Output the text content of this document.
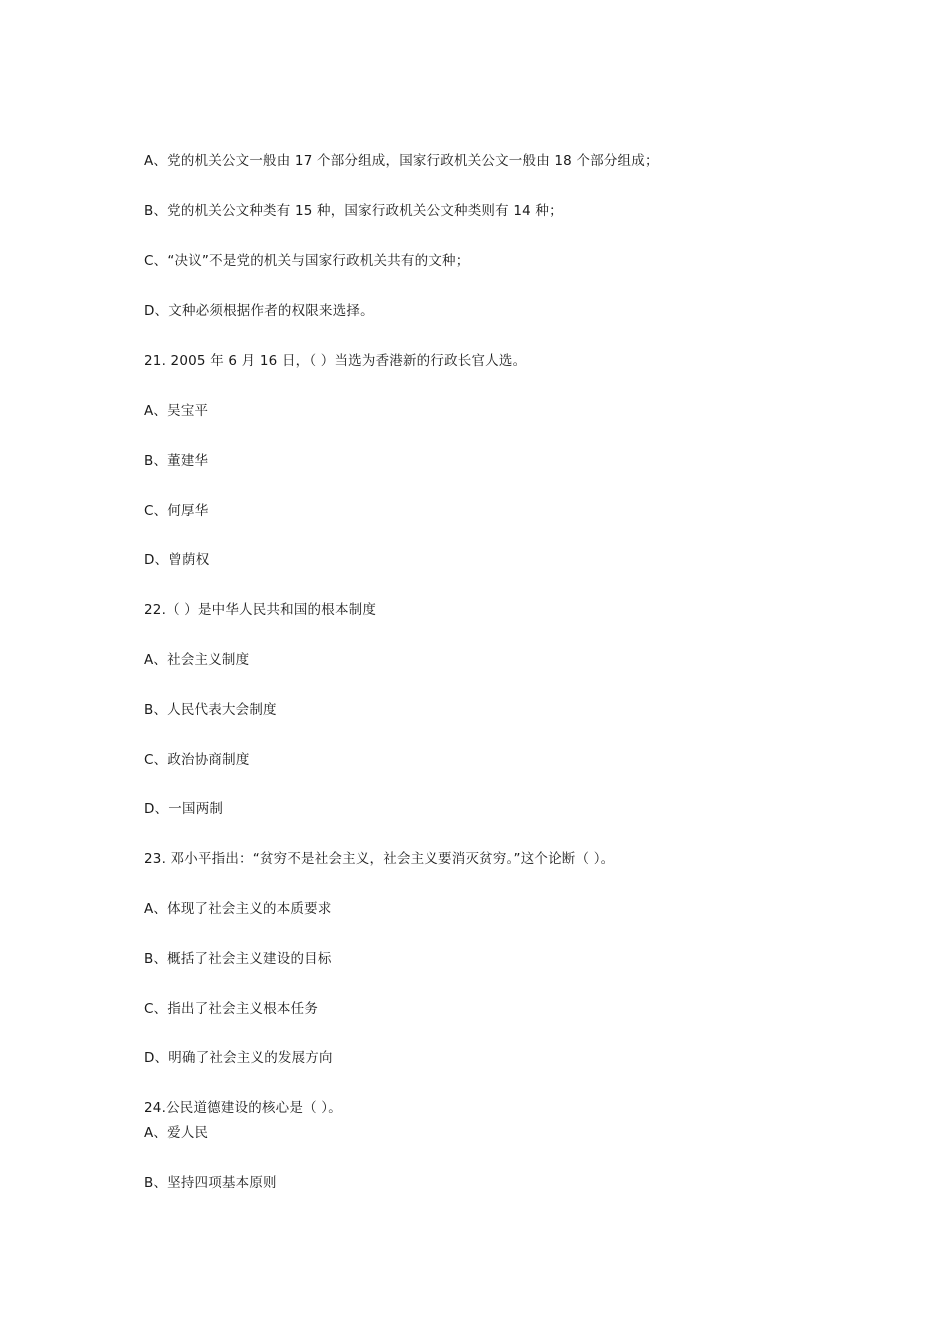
A、党的机关公文一般由 17 个部分组成，国家行政机关公文一般由 18 个部分组成；
B、党的机关公文种类有 15 种，国家行政机关公文种类则有 14 种；
C、“决议”不是党的机关与国家行政机关共有的文种；
D、文种必须根据作者的权限来选择。
21. 2005 年 6 月 16 日，（ ）当选为香港新的行政长官人选。
A、吴宝平
B、董建华
C、何厚华
D、曾荫权
22.（ ）是中华人民共和国的根本制度
A、社会主义制度
B、人民代表大会制度
C、政治协商制度
D、一国两制
23. 邓小平指出：“贫穷不是社会主义，社会主义要消灭贫穷。”这个论断（ ）。
A、体现了社会主义的本质要求
B、概括了社会主义建设的目标
C、指出了社会主义根本任务
D、明确了社会主义的发展方向
24.公民道德建设的核心是（ ）。
A、爱人民
B、坚持四项基本原则
